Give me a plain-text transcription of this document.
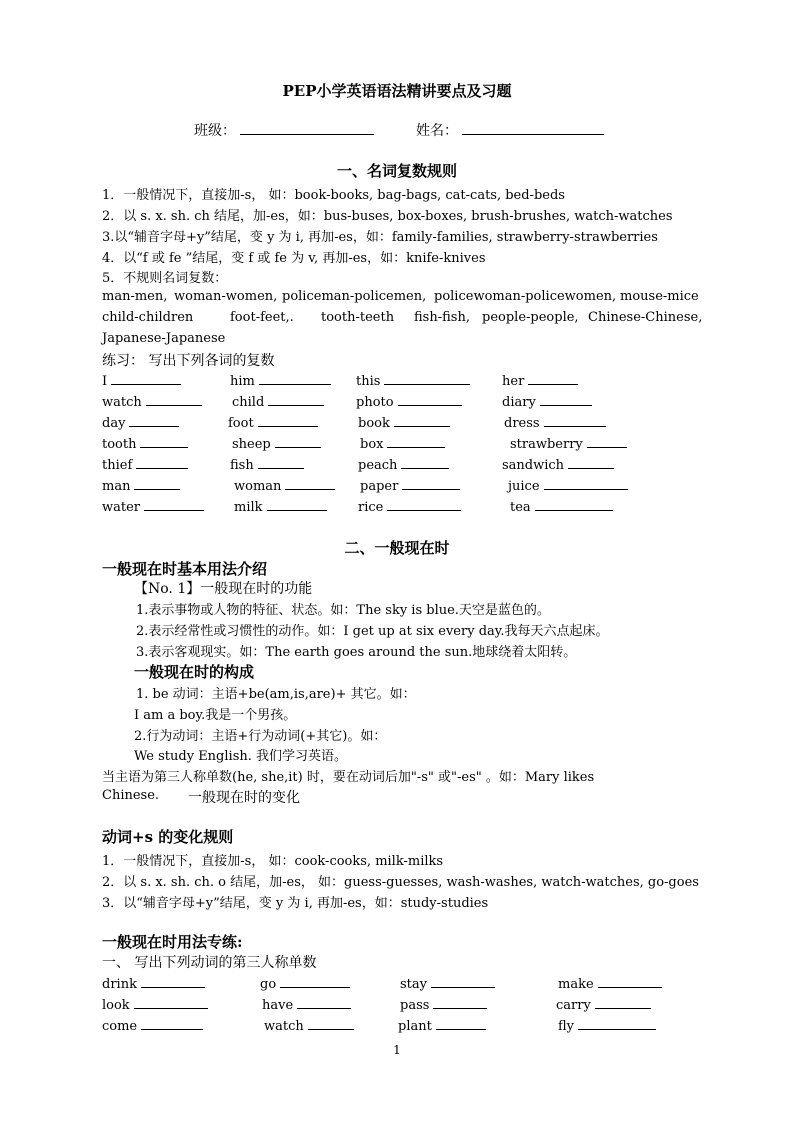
PEP小学英语语法精讲要点及习题
班级：	姓名：
一、名词复数规则
1．一般情况下，直接加-s， 如：book-books, bag-bags, cat-cats, bed-beds
2．以 s. x. sh. ch 结尾，加-es，如：bus-buses, box-boxes, brush-brushes, watch-watches
3.以“辅音字母+y”结尾，变 y 为 i, 再加-es，如：family-families, strawberry-strawberries
4．以“f 或 fe ”结尾，变 f 或 fe 为 v, 再加-es，如：knife-knives
5．不规则名词复数：
man-men, woman-women, policeman-policemen, policewoman-policewomen, mouse-mice
child-children	foot-feet,. tooth-teeth fish-fish, people-people, Chinese-Chinese,
Japanese-Japanese
练习： 写出下列各词的复数
I	him	this	her
watch	child	photo	diary
day	foot	book	dress
tooth	sheep	box	strawberry
thief	fish	peach	sandwich
man	woman	paper	juice
water	milk	rice	tea
二、一般现在时
一般现在时基本用法介绍
【No. 1】一般现在时的功能
1.表示事物或人物的特征、状态。如：The sky is blue.天空是蓝色的。
2.表示经常性或习惯性的动作。如：I get up at six every day.我每天六点起床。
3.表示客观现实。如：The earth goes around the sun.地球绕着太阳转。
一般现在时的构成
1. be 动词：主语+be(am,is,are)+ 其它。如：
I am a boy.我是一个男孩。
2.行为动词：主语+行为动词(+其它)。如：
We study English. 我们学习英语。
当主语为第三人称单数(he, she,it) 时，要在动词后加"-s" 或"-es" 。如：Mary likes
Chinese. 一般现在时的变化
动词+s 的变化规则
1．一般情况下，直接加-s， 如：cook-cooks, milk-milks
2．以 s. x. sh. ch. o 结尾，加-es， 如：guess-guesses, wash-washes, watch-watches, go-goes
3．以“辅音字母+y”结尾，变 y 为 i, 再加-es，如：study-studies
一般现在时用法专练:
一、 写出下列动词的第三人称单数
drink	go	stay	make
look	have	pass	carry
come	watch	plant	fly
1
